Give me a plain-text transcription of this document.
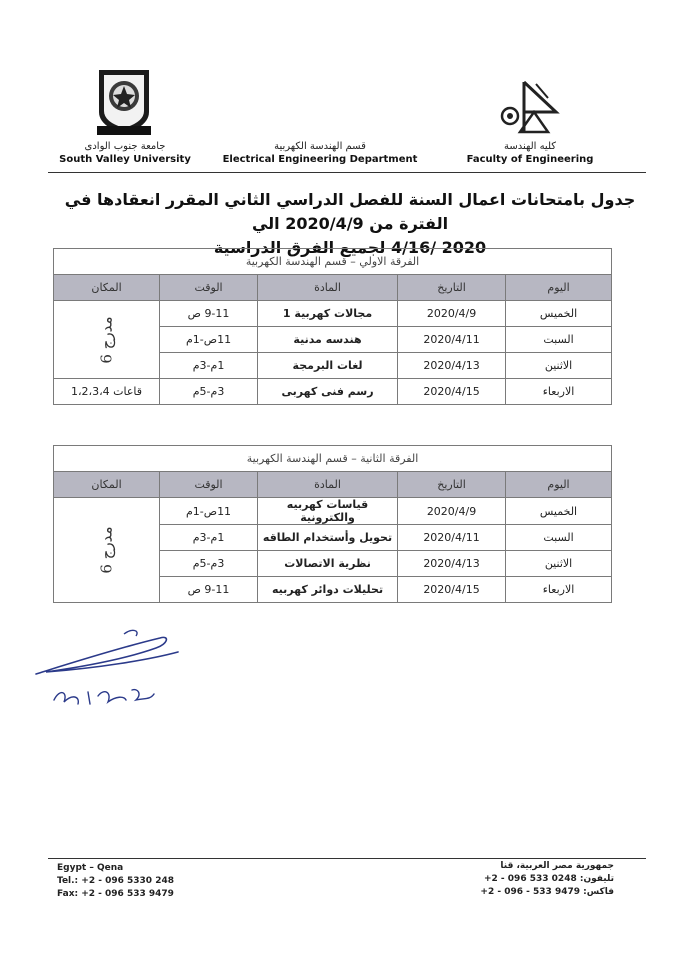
جامعة جنوب الوادى
South Valley University
قسم الهندسة الكهربية
Electrical Engineering Department
كليه الهندسة
Faculty of Engineering
جدول بامتحانات اعمال السنة للفصل الدراسي الثاني المقرر انعقادها في الفترة من 2020/4/9 الي
2020 /4/16 لجميع الفرق الدراسية
الفرقة الاولي – قسم الهندسة الكهربية				
اليوم	التاريخ	المادة	الوقت	المكان
الخميس	2020/4/9	مجالات كهربية 1	9-11 ص	مدرج 6
السبت	2020/4/11	هندسه مدنية	11ص-1م	
الاثنين	2020/4/13	لغات البرمجة	1م-3م	
الاربعاء	2020/4/15	رسم فنى كهربى	3م-5م	قاعات 1،2،3،4
الفرقة الثانية – قسم الهندسة الكهربية				
اليوم	التاريخ	المادة	الوقت	المكان
الخميس	2020/4/9	قياسات كهربيه والكترونية	11ص-1م	مدرج 6
السبت	2020/4/11	تحويل وأستخدام الطاقه	1م-3م	
الاثنين	2020/4/13	نظرية الاتصالات	3م-5م	
الاربعاء	2020/4/15	تحليلات دوائر كهربيه	9-11 ص	
Egypt – Qena
Tel.: +2 - 096 5330 248
Fax: +2 - 096 533 9479
جمهورية مصر العربية، قنا
تليفون: 0248 533 096 - 2+
فاكس: 9479 533 - 096 - 2+
